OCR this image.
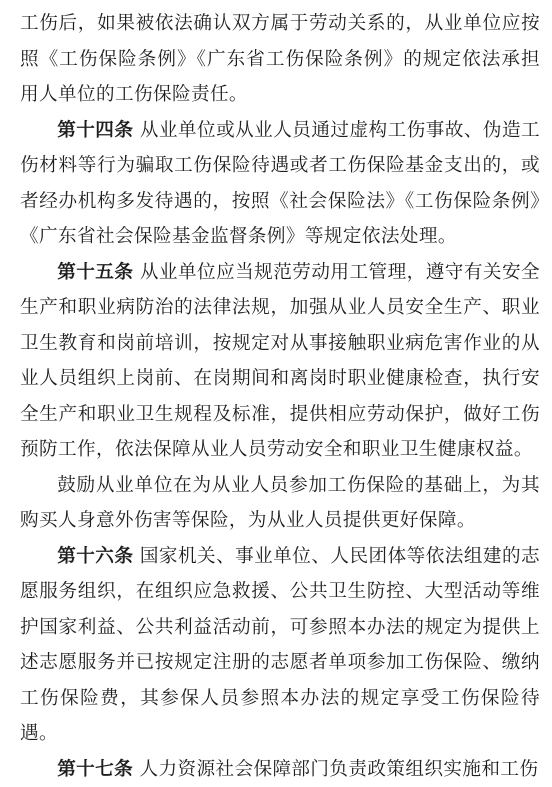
工伤后，如果被依法确认双方属于劳动关系的，从业单位应按照《工伤保险条例》《广东省工伤保险条例》的规定依法承担用人单位的工伤保险责任。

第十四条 从业单位或从业人员通过虚构工伤事故、伪造工伤材料等行为骗取工伤保险待遇或者工伤保险基金支出的，或者经办机构多发待遇的，按照《社会保险法》《工伤保险条例》《广东省社会保险基金监督条例》等规定依法处理。

第十五条 从业单位应当规范劳动用工管理，遵守有关安全生产和职业病防治的法律法规，加强从业人员安全生产、职业卫生教育和岗前培训，按规定对从事接触职业病危害作业的从业人员组织上岗前、在岗期间和离岗时职业健康检查，执行安全生产和职业卫生规程及标准，提供相应劳动保护，做好工伤预防工作，依法保障从业人员劳动安全和职业卫生健康权益。

鼓励从业单位在为从业人员参加工伤保险的基础上，为其购买人身意外伤害等保险，为从业人员提供更好保障。

第十六条 国家机关、事业单位、人民团体等依法组建的志愿服务组织，在组织应急救援、公共卫生防控、大型活动等维护国家利益、公共利益活动前，可参照本办法的规定为提供上述志愿服务并已按规定注册的志愿者单项参加工伤保险、缴纳工伤保险费，其参保人员参照本办法的规定享受工伤保险待遇。

第十七条 人力资源社会保障部门负责政策组织实施和工伤
